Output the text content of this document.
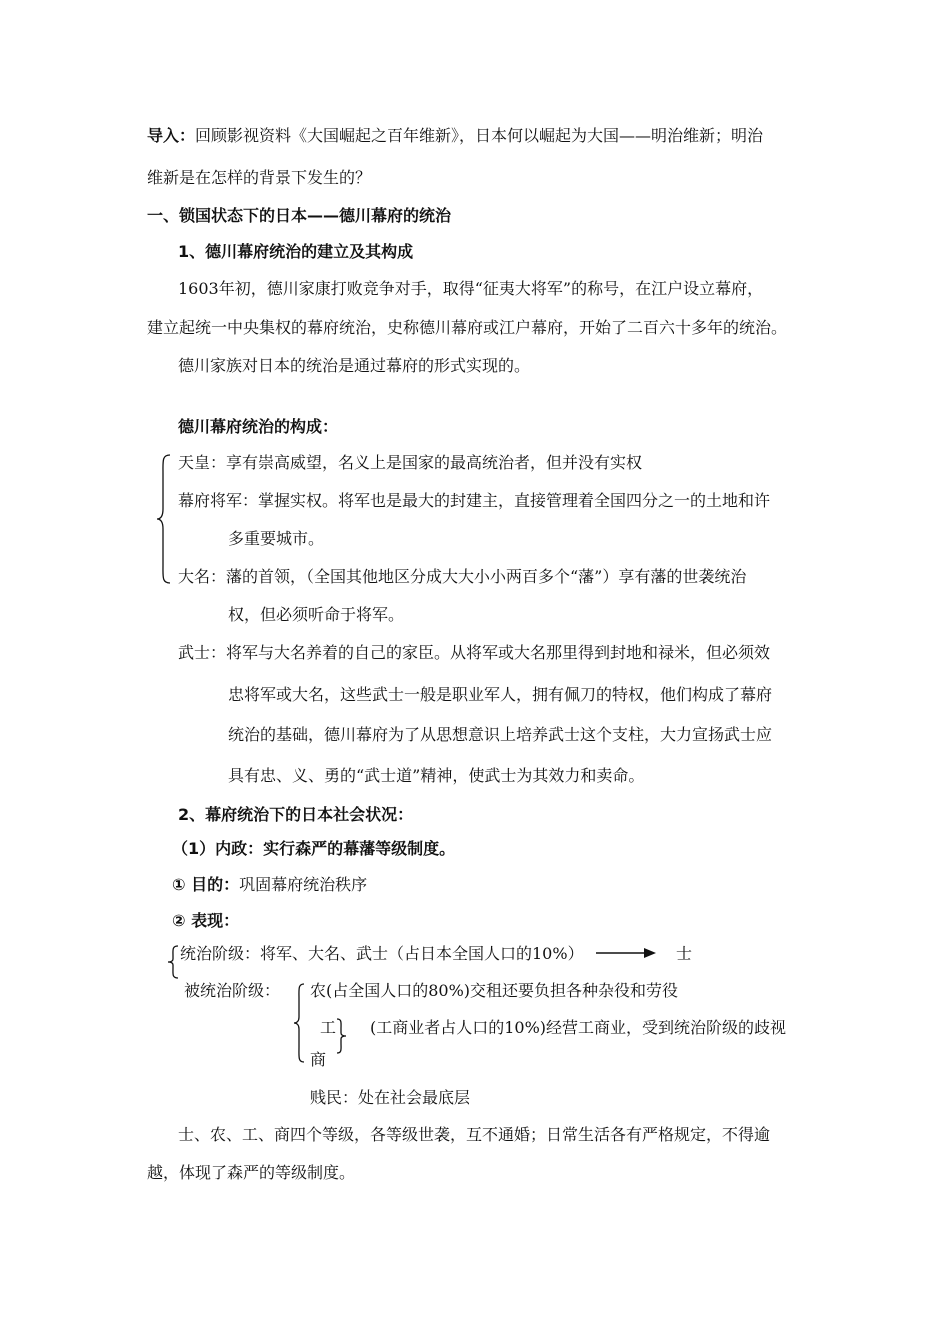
导入：回顾影视资料《大国崛起之百年维新》，日本何以崛起为大国——明治维新；明治
维新是在怎样的背景下发生的？
一、锁国状态下的日本——德川幕府的统治
1、德川幕府统治的建立及其构成
1603年初，德川家康打败竞争对手，取得“征夷大将军”的称号，在江户设立幕府，
建立起统一中央集权的幕府统治，史称德川幕府或江户幕府，开始了二百六十多年的统治。
德川家族对日本的统治是通过幕府的形式实现的。
德川幕府统治的构成：
天皇：享有崇高威望，名义上是国家的最高统治者，但并没有实权
幕府将军：掌握实权。将军也是最大的封建主，直接管理着全国四分之一的土地和许
多重要城市。
大名：藩的首领，（全国其他地区分成大大小小两百多个“藩”）享有藩的世袭统治
权，但必须听命于将军。
武士：将军与大名养着的自己的家臣。从将军或大名那里得到封地和禄米，但必须效
忠将军或大名，这些武士一般是职业军人，拥有佩刀的特权，他们构成了幕府
统治的基础，德川幕府为了从思想意识上培养武士这个支柱，大力宣扬武士应
具有忠、义、勇的“武士道”精神，使武士为其效力和卖命。
2、幕府统治下的日本社会状况：
（1）内政：实行森严的幕藩等级制度。
① 目的：巩固幕府统治秩序
② 表现：
统治阶级：将军、大名、武士（占日本全国人口的10%）	士
被统治阶级： 农(占全国人口的80%)交租还要负担各种杂役和劳役
工 (工商业者占人口的10%)经营工商业，受到统治阶级的歧视
商
贱民：处在社会最底层
士、农、工、商四个等级，各等级世袭，互不通婚；日常生活各有严格规定，不得逾
越，体现了森严的等级制度。
